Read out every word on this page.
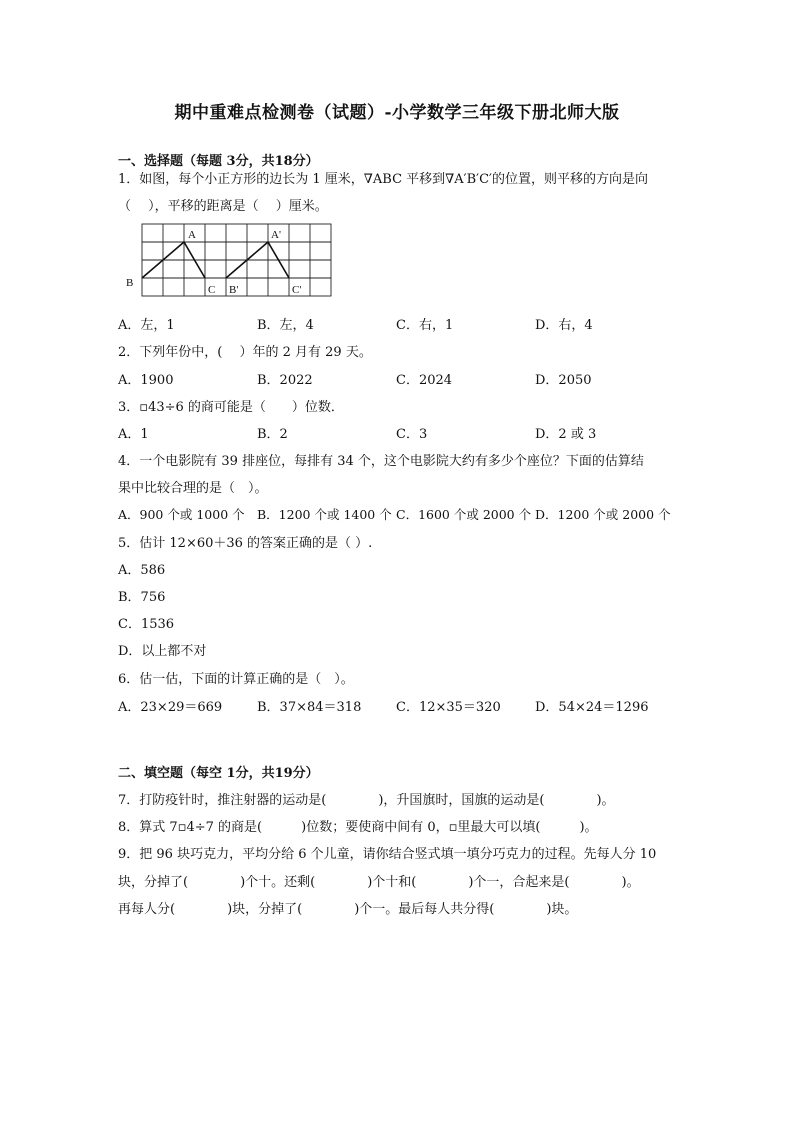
期中重难点检测卷（试题）-小学数学三年级下册北师大版
一、选择题（每题 3分，共18分）
1．如图，每个小正方形的边长为 1 厘米，∇ABC 平移到∇A′B′C′的位置，则平移的方向是向
（　 ），平移的距离是（　 ）厘米。
A
B
C
A'
B'	C'
A．左，1	B．左，4	C．右，1	D．右，4
2．下列年份中，(　 ）年的 2 月有 29 天。
A．1900	B．2022	C．2024	D．2050
3．▫43÷6 的商可能是（　　）位数．
A．1	B．2	C．3	D．2 或 3
4．一个电影院有 39 排座位，每排有 34 个，这个电影院大约有多少个座位？下面的估算结
果中比较合理的是（　）。
A．900 个或 1000 个 B．1200 个或 1400 个 C．1600 个或 2000 个 D．1200 个或 2000 个
5．估计 12×60＋36 的答案正确的是（ ）.
A．586
B．756
C．1536
D．以上都不对
6．估一估，下面的计算正确的是（　）。
A．23×29＝669	B．37×84＝318	C．12×35＝320	D．54×24＝1296
二、填空题（每空 1分，共19分）
7．打防疫针时，推注射器的运动是(　　　　)，升国旗时，国旗的运动是(　　　　)。
8．算式 7▫4÷7 的商是(　　　)位数；要使商中间有 0，▫里最大可以填(　　　)。
9．把 96 块巧克力，平均分给 6 个儿童，请你结合竖式填一填分巧克力的过程。先每人分 10
块，分掉了(　　　　)个十。还剩(　　　　)个十和(　　　　)个一，合起来是(　　　　)。
再每人分(　　　　)块，分掉了(　　　　)个一。最后每人共分得(　　　　)块。
